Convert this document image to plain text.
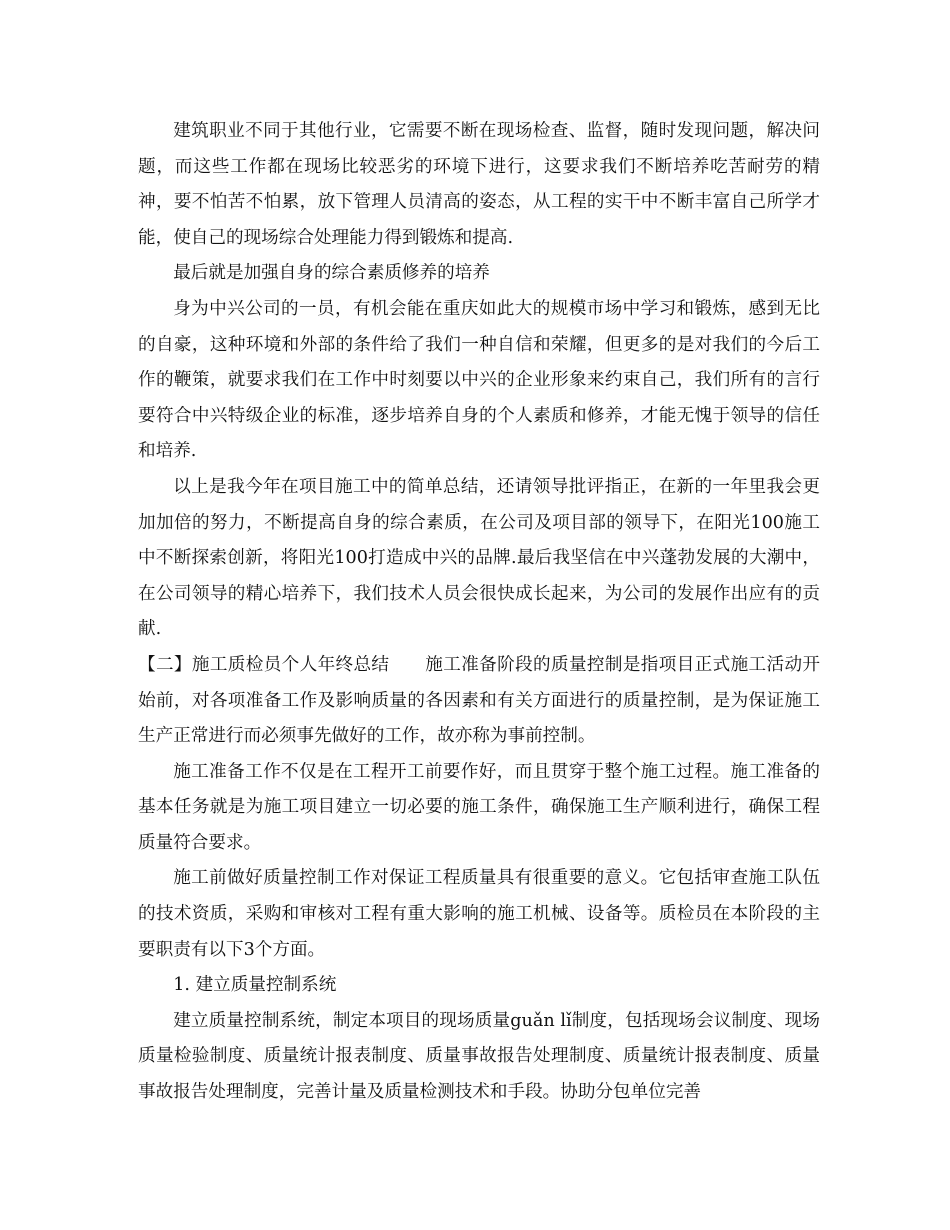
建筑职业不同于其他行业，它需要不断在现场检查、监督，随时发现问题，解决问题，而这些工作都在现场比较恶劣的环境下进行，这要求我们不断培养吃苦耐劳的精神，要不怕苦不怕累，放下管理人员清高的姿态，从工程的实干中不断丰富自己所学才能，使自己的现场综合处理能力得到锻炼和提高.

最后就是加强自身的综合素质修养的培养

身为中兴公司的一员，有机会能在重庆如此大的规模市场中学习和锻炼，感到无比的自豪，这种环境和外部的条件给了我们一种自信和荣耀，但更多的是对我们的今后工作的鞭策，就要求我们在工作中时刻要以中兴的企业形象来约束自己，我们所有的言行要符合中兴特级企业的标准，逐步培养自身的个人素质和修养，才能无愧于领导的信任和培养.

以上是我今年在项目施工中的简单总结，还请领导批评指正，在新的一年里我会更加加倍的努力，不断提高自身的综合素质，在公司及项目部的领导下，在阳光100施工中不断探索创新，将阳光100打造成中兴的品牌.最后我坚信在中兴蓬勃发展的大潮中，在公司领导的精心培养下，我们技术人员会很快成长起来，为公司的发展作出应有的贡献.

【二】施工质检员个人年终总结　　施工准备阶段的质量控制是指项目正式施工活动开始前，对各项准备工作及影响质量的各因素和有关方面进行的质量控制，是为保证施工生产正常进行而必须事先做好的工作，故亦称为事前控制。

施工准备工作不仅是在工程开工前要作好，而且贯穿于整个施工过程。施工准备的基本任务就是为施工项目建立一切必要的施工条件，确保施工生产顺利进行，确保工程质量符合要求。

施工前做好质量控制工作对保证工程质量具有很重要的意义。它包括审查施工队伍的技术资质，采购和审核对工程有重大影响的施工机械、设备等。质检员在本阶段的主要职责有以下3个方面。

1. 建立质量控制系统

建立质量控制系统，制定本项目的现场质量guǎn lǐ制度，包括现场会议制度、现场质量检验制度、质量统计报表制度、质量事故报告处理制度、质量统计报表制度、质量事故报告处理制度，完善计量及质量检测技术和手段。协助分包单位完善
